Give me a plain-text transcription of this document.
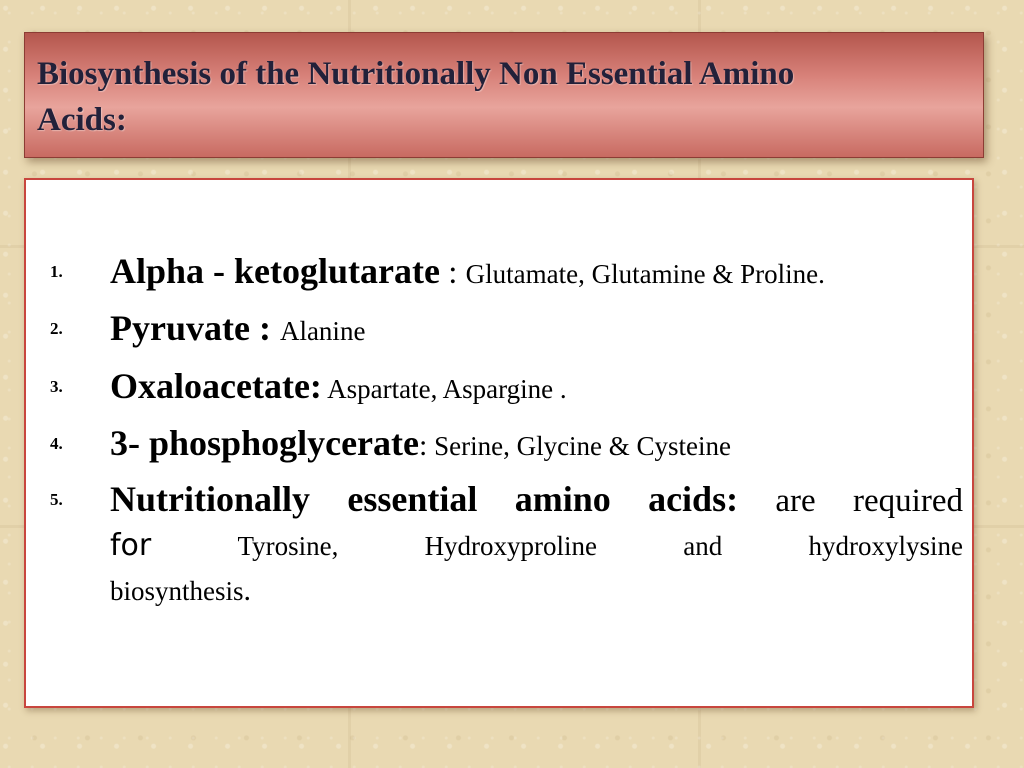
Biosynthesis of the Nutritionally Non Essential Amino
Acids:
1. Alpha - ketoglutarate : Glutamate, Glutamine & Proline.
2. Pyruvate : Alanine
3. Oxaloacetate: Aspartate, Aspargine .
4. 3- phosphoglycerate: Serine, Glycine & Cysteine
5. Nutritionally essential amino acids: are required
for	Tyrosine,	Hydroxyproline	and	hydroxylysine
biosynthesis.
